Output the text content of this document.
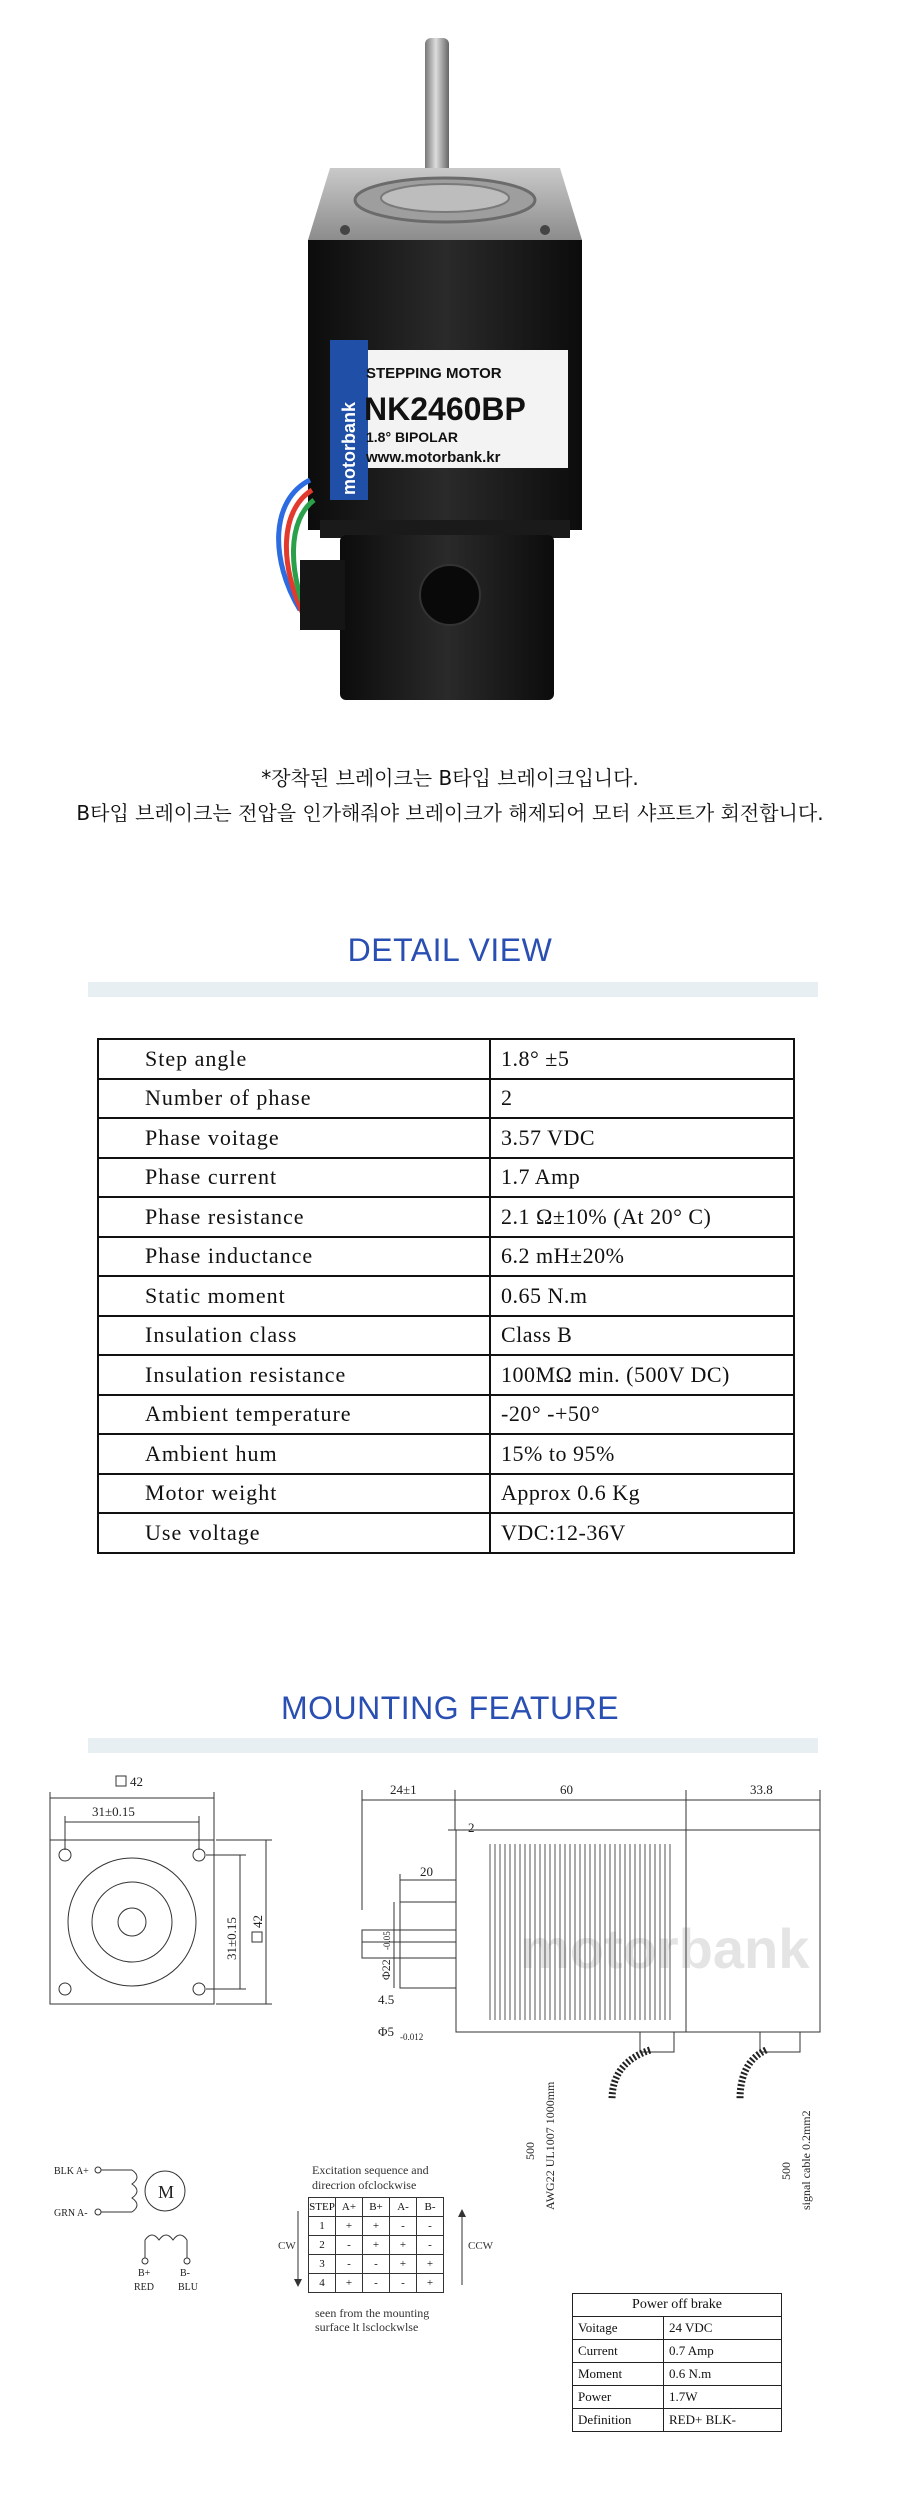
motorbank
STEPPING MOTOR
NK2460BP
1.8° BIPOLAR
www.motorbank.kr
*장착된 브레이크는 B타입 브레이크입니다.
B타입 브레이크는 전압을 인가해줘야 브레이크가 해제되어 모터 샤프트가 회전합니다.
DETAIL VIEW
Step angle	1.8° ±5
Number of phase	2
Phase voitage	3.57 VDC
Phase current	1.7 Amp
Phase resistance	2.1 Ω±10% (At 20° C)
Phase inductance	6.2 mH±20%
Static moment	0.65 N.m
Insulation class	Class B
Insulation resistance	100MΩ min. (500V DC)
Ambient temperature	-20° -+50°
Ambient hum	15% to 95%
Motor weight	Approx 0.6 Kg
Use voltage	VDC:12-36V
MOUNTING FEATURE
42
31±0.15
31±0.15 42	motorbank
24±1	60	33.8
2
20
Φ22
-0.05
4.5
Φ5 -0.012
500 AWG22 UL1007 1000mm	500 signal cable 0.2mm2
BLK A+
GRN A-
M
B+
RED
B-
BLU
Excitation sequence and
direcrion ofclockwise
CW	CCW
STEP	A+	B+	A-	B-
1	+	+	-	-
2	-	+	+	-
3	-	-	+	+
4	+	-	-	+
seen from the mounting
surface lt lsclockwlse
Power off brake	
Voitage	24 VDC
Current	0.7 Amp
Moment	0.6 N.m
Power	1.7W
Definition	RED+ BLK-
